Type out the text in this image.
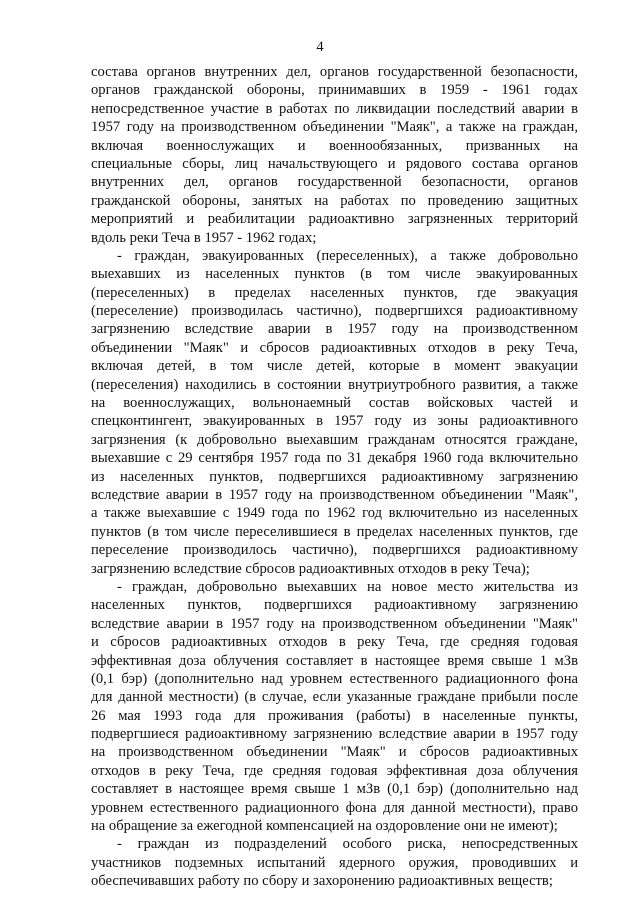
4
состава органов внутренних дел, органов государственной безопасности,
органов гражданской обороны, принимавших в 1959 - 1961 годах
непосредственное участие в работах по ликвидации последствий аварии в
1957 году на производственном объединении "Маяк", а также на граждан,
включая военнослужащих и военнообязанных, призванных на
специальные сборы, лиц начальствующего и рядового состава органов
внутренних дел, органов государственной безопасности, органов
гражданской обороны, занятых на работах по проведению защитных
мероприятий и реабилитации радиоактивно загрязненных территорий
вдоль реки Теча в 1957 - 1962 годах;
- граждан, эвакуированных (переселенных), а также добровольно
выехавших из населенных пунктов (в том числе эвакуированных
(переселенных) в пределах населенных пунктов, где эвакуация
(переселение) производилась частично), подвергшихся радиоактивному
загрязнению вследствие аварии в 1957 году на производственном
объединении "Маяк" и сбросов радиоактивных отходов в реку Теча,
включая детей, в том числе детей, которые в момент эвакуации
(переселения) находились в состоянии внутриутробного развития, а также
на военнослужащих, вольнонаемный состав войсковых частей и
спецконтингент, эвакуированных в 1957 году из зоны радиоактивного
загрязнения (к добровольно выехавшим гражданам относятся граждане,
выехавшие с 29 сентября 1957 года по 31 декабря 1960 года включительно
из населенных пунктов, подвергшихся радиоактивному загрязнению
вследствие аварии в 1957 году на производственном объединении "Маяк",
а также выехавшие с 1949 года по 1962 год включительно из населенных
пунктов (в том числе переселившиеся в пределах населенных пунктов, где
переселение производилось частично), подвергшихся радиоактивному
загрязнению вследствие сбросов радиоактивных отходов в реку Теча);
- граждан, добровольно выехавших на новое место жительства из
населенных пунктов, подвергшихся радиоактивному загрязнению
вследствие аварии в 1957 году на производственном объединении "Маяк"
и сбросов радиоактивных отходов в реку Теча, где средняя годовая
эффективная доза облучения составляет в настоящее время свыше 1 мЗв
(0,1 бэр) (дополнительно над уровнем естественного радиационного фона
для данной местности) (в случае, если указанные граждане прибыли после
26 мая 1993 года для проживания (работы) в населенные пункты,
подвергшиеся радиоактивному загрязнению вследствие аварии в 1957 году
на производственном объединении "Маяк" и сбросов радиоактивных
отходов в реку Теча, где средняя годовая эффективная доза облучения
составляет в настоящее время свыше 1 мЗв (0,1 бэр) (дополнительно над
уровнем естественного радиационного фона для данной местности), право
на обращение за ежегодной компенсацией на оздоровление они не имеют);
- граждан из подразделений особого риска, непосредственных
участников подземных испытаний ядерного оружия, проводивших и
обеспечивавших работу по сбору и захоронению радиоактивных веществ;
